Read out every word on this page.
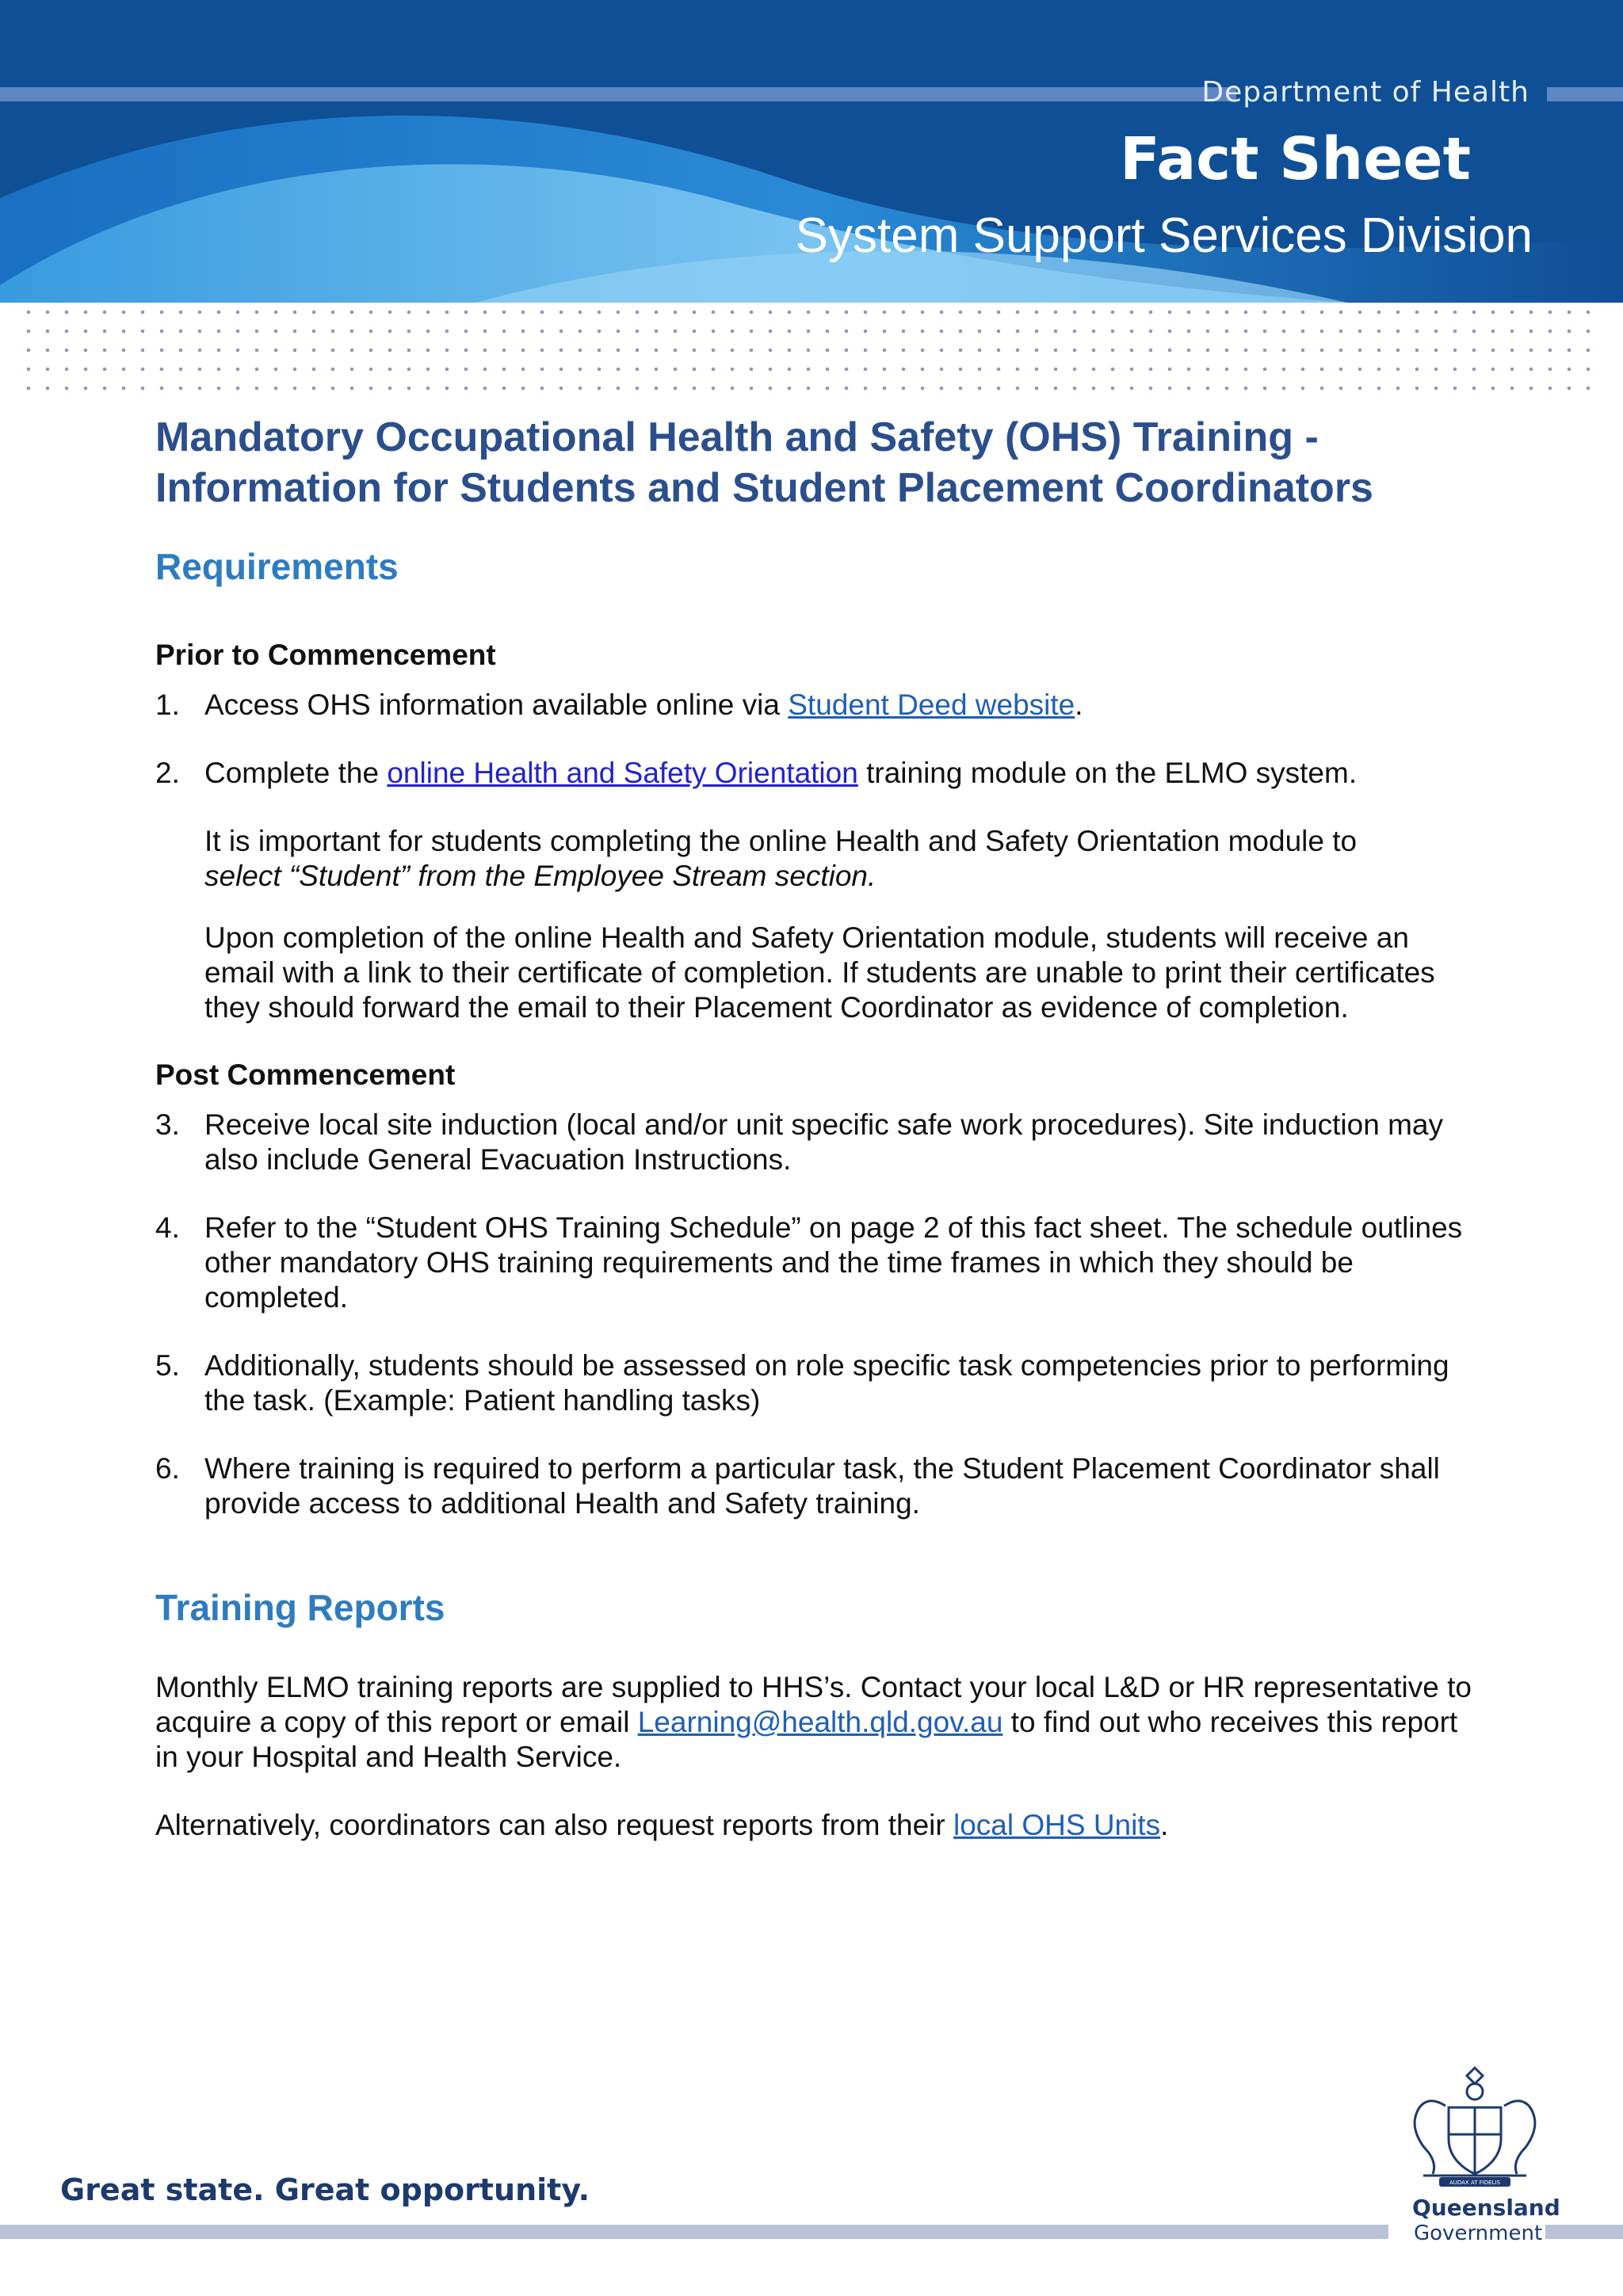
Department of Health
Fact Sheet
System Support Services Division
Mandatory Occupational Health and Safety (OHS) Training -
Information for Students and Student Placement Coordinators
Requirements

Prior to Commencement

1. Access OHS information available online via Student Deed website.
2. Complete the online Health and Safety Orientation training module on the ELMO system.
It is important for students completing the online Health and Safety Orientation module to
select “Student” from the Employee Stream section.
Upon completion of the online Health and Safety Orientation module, students will receive an email with a link to their certificate of completion. If students are unable to print their certificates they should forward the email to their Placement Coordinator as evidence of completion.

Post Commencement

3. Receive local site induction (local and/or unit specific safe work procedures). Site induction may also include General Evacuation Instructions.
4. Refer to the “Student OHS Training Schedule” on page 2 of this fact sheet. The schedule outlines other mandatory OHS training requirements and the time frames in which they should be completed.
5. Additionally, students should be assessed on role specific task competencies prior to performing the task. (Example: Patient handling tasks)
6. Where training is required to perform a particular task, the Student Placement Coordinator shall provide access to additional Health and Safety training.
Training Reports

Monthly ELMO training reports are supplied to HHS’s. Contact your local L&D or HR representative to acquire a copy of this report or email Learning@health.qld.gov.au to find out who receives this report in your Hospital and Health Service.

Alternatively, coordinators can also request reports from their local OHS Units.

Great state. Great opportunity.	AUDAX AT FIDELIS
Queensland
Government
